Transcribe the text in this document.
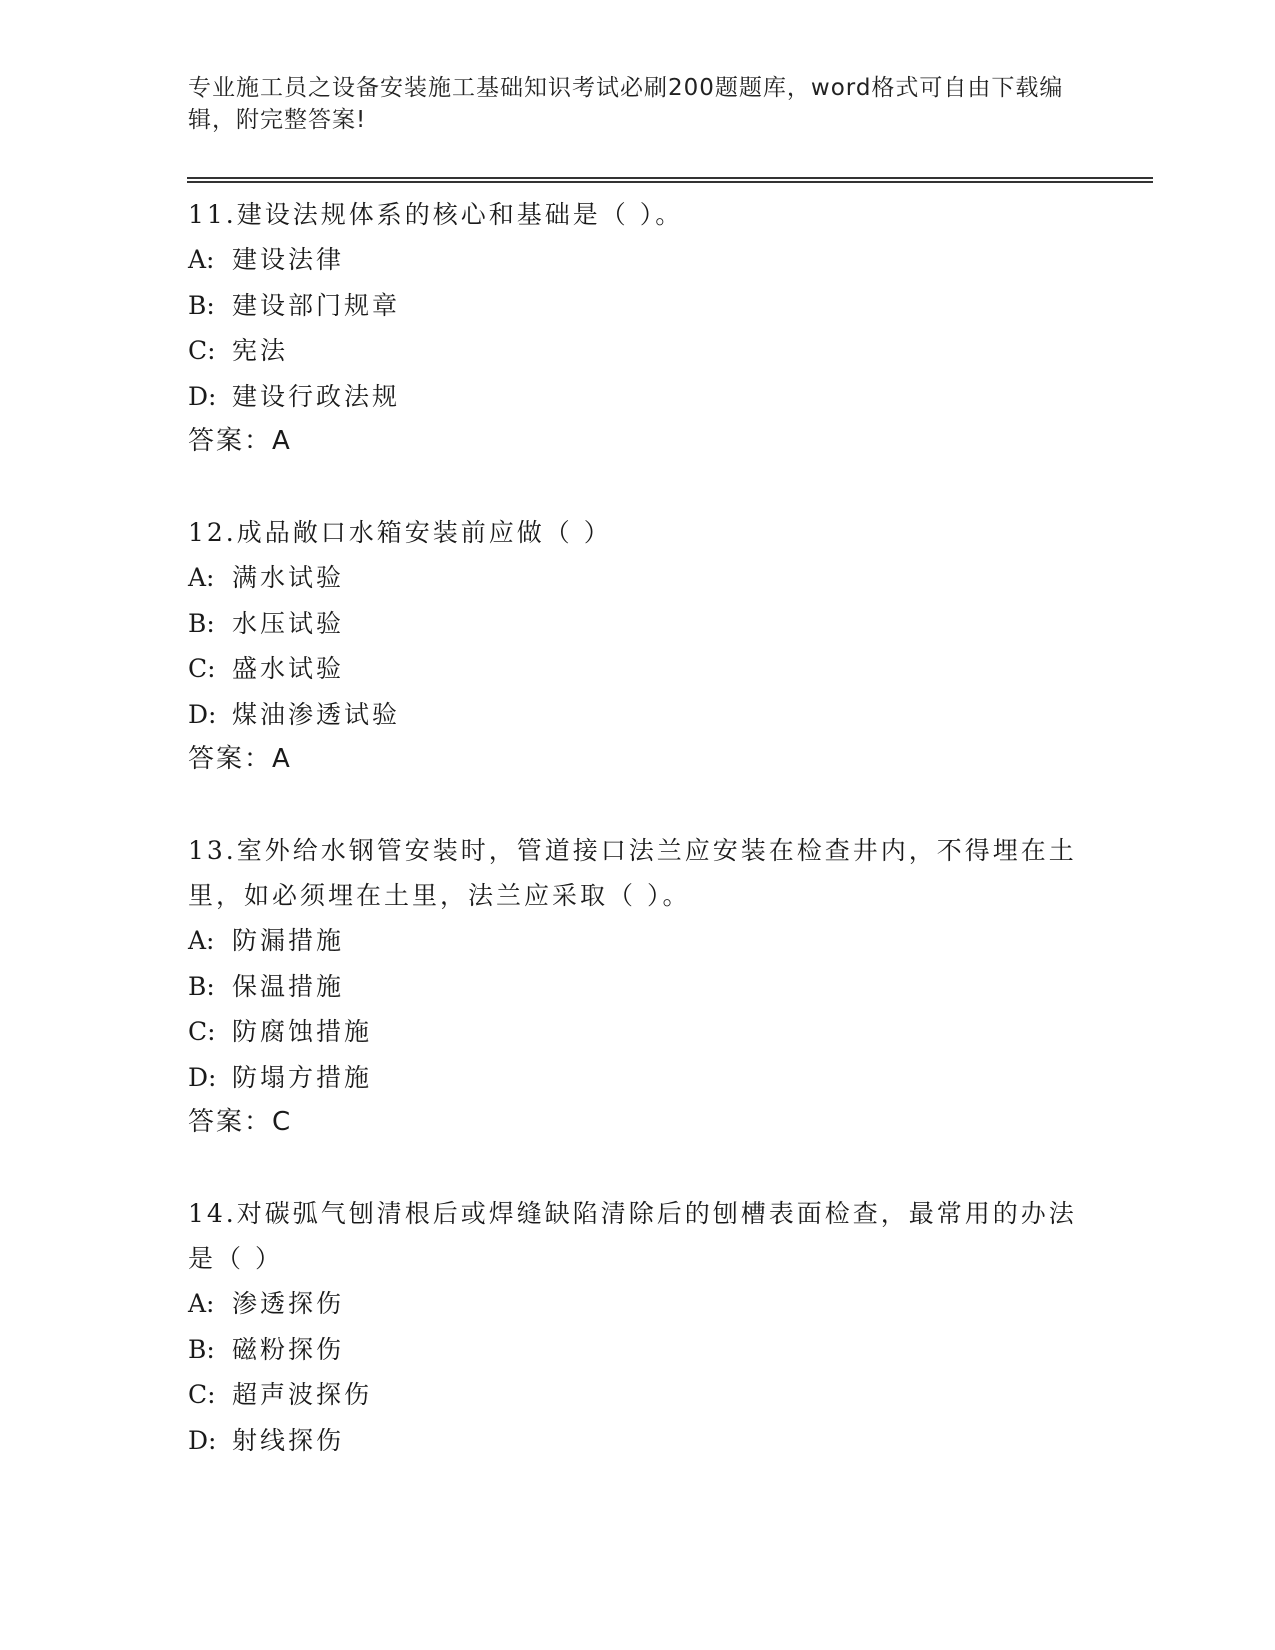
专业施工员之设备安装施工基础知识考试必刷200题题库，word格式可自由下载编辑，附完整答案!
11.建设法规体系的核心和基础是（ ）。
A: 建设法律
B: 建设部门规章
C: 宪法
D: 建设行政法规
答案：A
12.成品敞口水箱安装前应做（ ）
A: 满水试验
B: 水压试验
C: 盛水试验
D: 煤油渗透试验
答案：A
13.室外给水钢管安装时，管道接口法兰应安装在检查井内，不得埋在土里，如必须埋在土里，法兰应采取（ ）。
A: 防漏措施
B: 保温措施
C: 防腐蚀措施
D: 防塌方措施
答案：C
14.对碳弧气刨清根后或焊缝缺陷清除后的刨槽表面检查，最常用的办法是（ ）
A: 渗透探伤
B: 磁粉探伤
C: 超声波探伤
D: 射线探伤
